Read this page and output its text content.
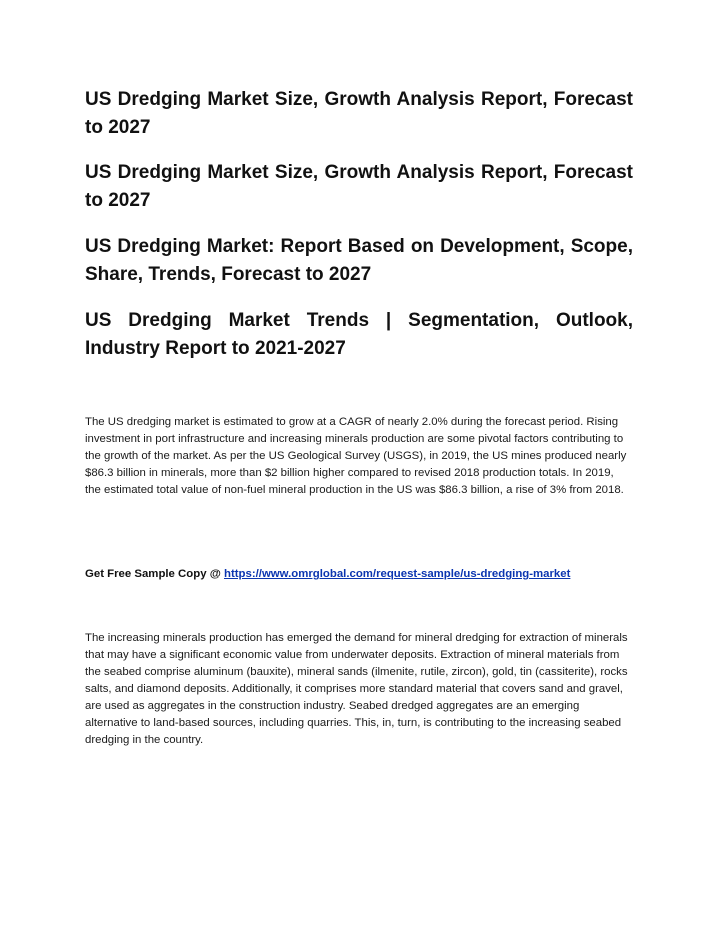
US Dredging Market Size, Growth Analysis Report, Forecast to 2027
US Dredging Market Size, Growth Analysis Report, Forecast to 2027
US Dredging Market: Report Based on Development, Scope, Share, Trends, Forecast to 2027
US Dredging Market Trends | Segmentation, Outlook, Industry Report to 2021-2027

The US dredging market is estimated to grow at a CAGR of nearly 2.0% during the forecast period. Rising investment in port infrastructure and increasing minerals production are some pivotal factors contributing to the growth of the market. As per the US Geological Survey (USGS), in 2019, the US mines produced nearly $86.3 billion in minerals, more than $2 billion higher compared to revised 2018 production totals. In 2019, the estimated total value of non-fuel mineral production in the US was $86.3 billion, a rise of 3% from 2018.

Get Free Sample Copy @ https://www.omrglobal.com/request-sample/us-dredging-market

The increasing minerals production has emerged the demand for mineral dredging for extraction of minerals that may have a significant economic value from underwater deposits. Extraction of mineral materials from the seabed comprise aluminum (bauxite), mineral sands (ilmenite, rutile, zircon), gold, tin (cassiterite), rocks salts, and diamond deposits. Additionally, it comprises more standard material that covers sand and gravel, are used as aggregates in the construction industry. Seabed dredged aggregates are an emerging alternative to land-based sources, including quarries. This, in, turn, is contributing to the increasing seabed dredging in the country.
